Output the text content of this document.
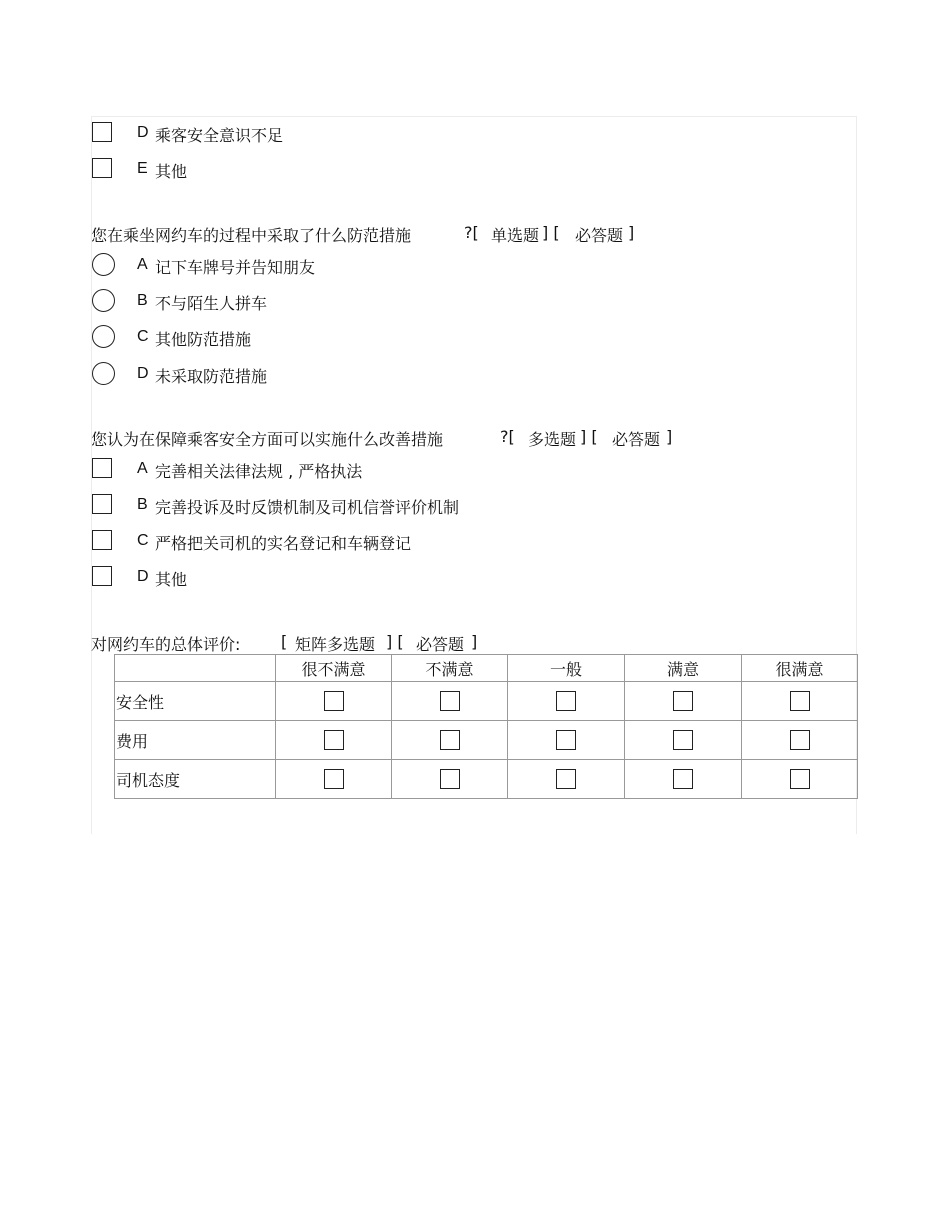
D 乘客安全意识不足
E 其他
您在乘坐网约车的过程中采取了什么防范措施	?[ 单选题 ] [ 必答题 ]
A 记下车牌号并告知朋友
B 不与陌生人拼车
C 其他防范措施
D 未采取防范措施
您认为在保障乘客安全方面可以实施什么改善措施	?[ 多选题 ] [ 必答题 ]
A 完善相关法律法规 , 严格执法
B 完善投诉及时反馈机制及司机信誉评价机制
C 严格把关司机的实名登记和车辆登记
D 其他
对网约车的总体评价:	[ 矩阵多选题 ] [ 必答题 ]
	很不满意	不满意	一般	满意	很满意
安全性					
费用					
司机态度					
